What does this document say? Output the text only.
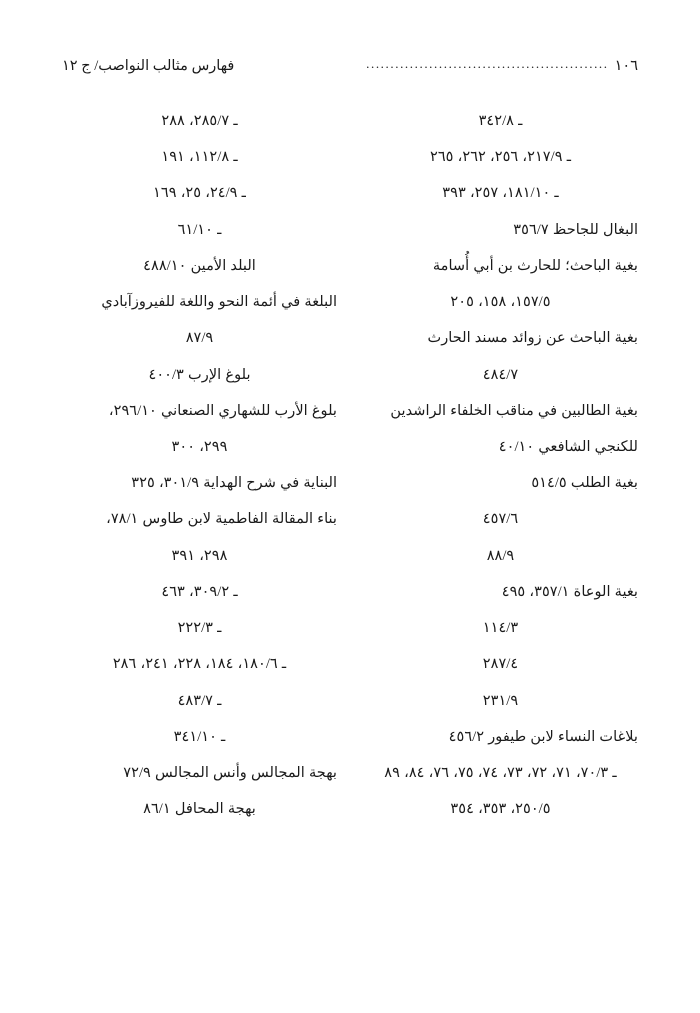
١٠٦
..................................................
فهارس مثالب النواصب/ ج ١٢
ـ ٣٤٢/٨
ـ ٢١٧/٩، ٢٥٦، ٢٦٢، ٢٦٥
ـ ١٨١/١٠، ٢٥٧، ٣٩٣
البغال للجاحظ ٣٥٦/٧
بغية الباحث؛ للحارث بن أبي أُسامة
١٥٧/٥، ١٥٨، ٢٠٥
بغية الباحث عن زوائد مسند الحارث
٤٨٤/٧
بغية الطالبين في مناقب الخلفاء الراشدين
للكنجي الشافعي ٤٠/١٠
بغية الطلب ٥١٤/٥
٤٥٧/٦
٨٨/٩
بغية الوعاة ٣٥٧/١، ٤٩٥
١١٤/٣
٢٨٧/٤
٢٣١/٩
بلاغات النساء لابن طيفور ٤٥٦/٢
ـ ٧٠/٣، ٧١، ٧٢، ٧٣، ٧٤، ٧٥، ٧٦، ٨٤، ٨٩
٢٥٠/٥، ٣٥٣، ٣٥٤
ـ ٢٨٥/٧، ٢٨٨
ـ ١١٢/٨، ١٩١
ـ ٢٤/٩، ٢٥، ١٦٩
ـ ٦١/١٠
البلد الأمين ٤٨٨/١٠
البلغة في أئمة النحو واللغة للفيروزآبادي
٨٧/٩
بلوغ الإرب ٤٠٠/٣
بلوغ الأرب للشهاري الصنعاني ٢٩٦/١٠،
٢٩٩، ٣٠٠
البناية في شرح الهداية ٣٠١/٩، ٣٢٥
بناء المقالة الفاطمية لابن طاوس ٧٨/١،
٢٩٨، ٣٩١
ـ ٣٠٩/٢، ٤٦٣
ـ ٢٢٢/٣
ـ ١٨٠/٦، ١٨٤، ٢٢٨، ٢٤١، ٢٨٦
ـ ٤٨٣/٧
ـ ٣٤١/١٠
بهجة المجالس وأنس المجالس ٧٢/٩
بهجة المحافل ٨٦/١
